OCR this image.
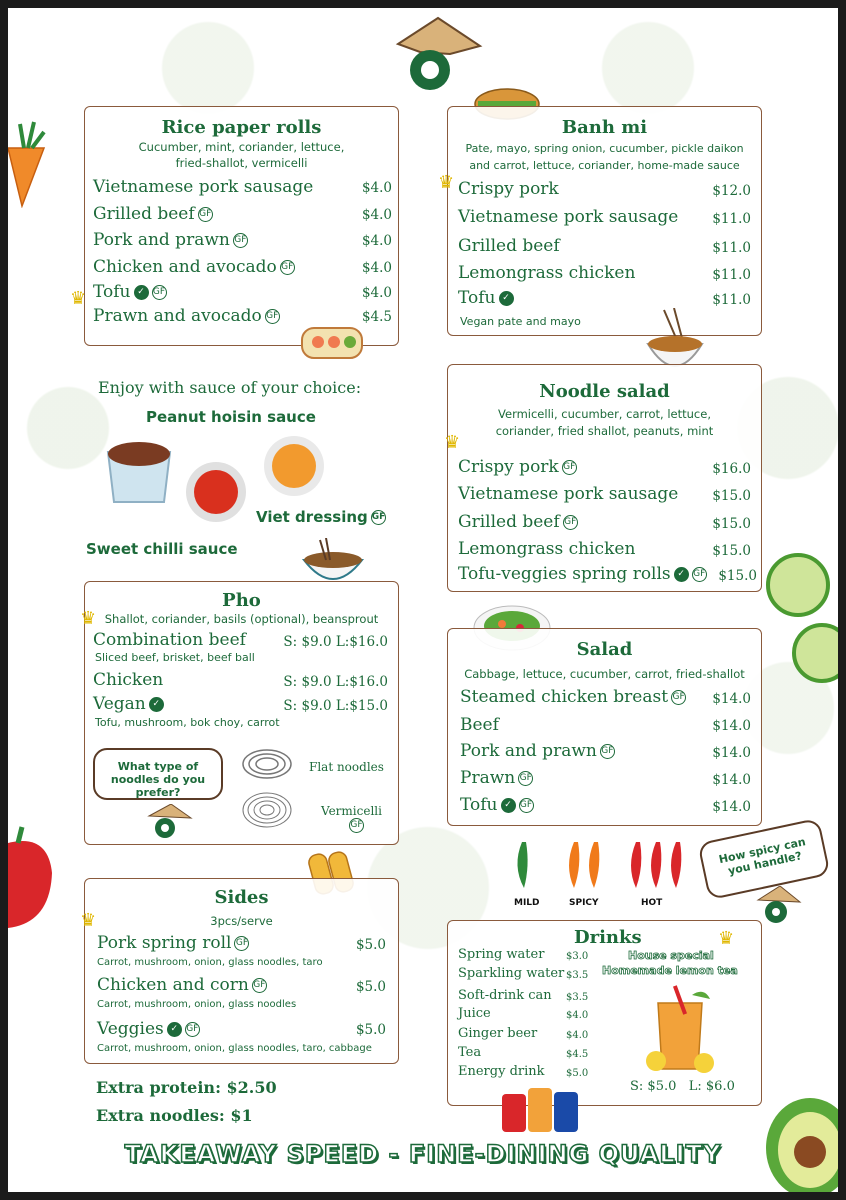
Rice paper rolls
Cucumber, mint, coriander, lettuce,
fried-shallot, vermicelli
Vietnamese pork sausage	$4.0
Grilled beef GF	$4.0
Pork and prawn GF	$4.0
Chicken and avocado GF	$4.0
Tofu ✓ GF	$4.0
Prawn and avocado GF	$4.5
♛
Enjoy with sauce of your choice:
Peanut hoisin sauce
Viet dressing GF
Sweet chilli sauce
Pho
Shallot, coriander, basils (optional), beansprout
Combination beef	S: $9.0 L:$16.0
Sliced beef, brisket, beef ball
Chicken	S: $9.0 L:$16.0
Vegan ✓	S: $9.0 L:$15.0
Tofu, mushroom, bok choy, carrot
What type of noodles do you prefer?
Flat noodles
Vermicelli
GF
♛
Sides
3pcs/serve
Pork spring roll GF	$5.0
Carrot, mushroom, onion, glass noodles, taro
Chicken and corn GF	$5.0
Carrot, mushroom, onion, glass noodles
Veggies ✓ GF	$5.0
Carrot, mushroom, onion, glass noodles, taro, cabbage
♛
Extra protein: $2.50
Extra noodles: $1
Banh mi
Pate, mayo, spring onion, cucumber, pickle daikon
and carrot, lettuce, coriander, home-made sauce
Crispy pork	$12.0
Vietnamese pork sausage	$11.0
Grilled beef	$11.0
Lemongrass chicken	$11.0
Tofu ✓	$11.0
Vegan pate and mayo
♛
Noodle salad
Vermicelli, cucumber, carrot, lettuce,
coriander, fried shallot, peanuts, mint
Crispy pork GF	$16.0
Vietnamese pork sausage	$15.0
Grilled beef GF	$15.0
Lemongrass chicken	$15.0
Tofu-veggies spring rolls ✓ GF $15.0
♛
Salad
Cabbage, lettuce, cucumber, carrot, fried-shallot
Steamed chicken breast GF $14.0
Beef	$14.0
Pork and prawn GF	$14.0
Prawn GF	$14.0
Tofu ✓ GF	$14.0
MILD	SPICY	HOT
How spicy can you handle?
Drinks
Spring water $3.0
Sparkling water $3.5
Soft-drink can $3.5
Juice	$4.0
Ginger beer	$4.0
Tea	$4.5
Energy drink $5.0
House special
Homemade lemon tea
S: $5.0   L: $6.0
♛
TAKEAWAY SPEED - FINE-DINING QUALITY
